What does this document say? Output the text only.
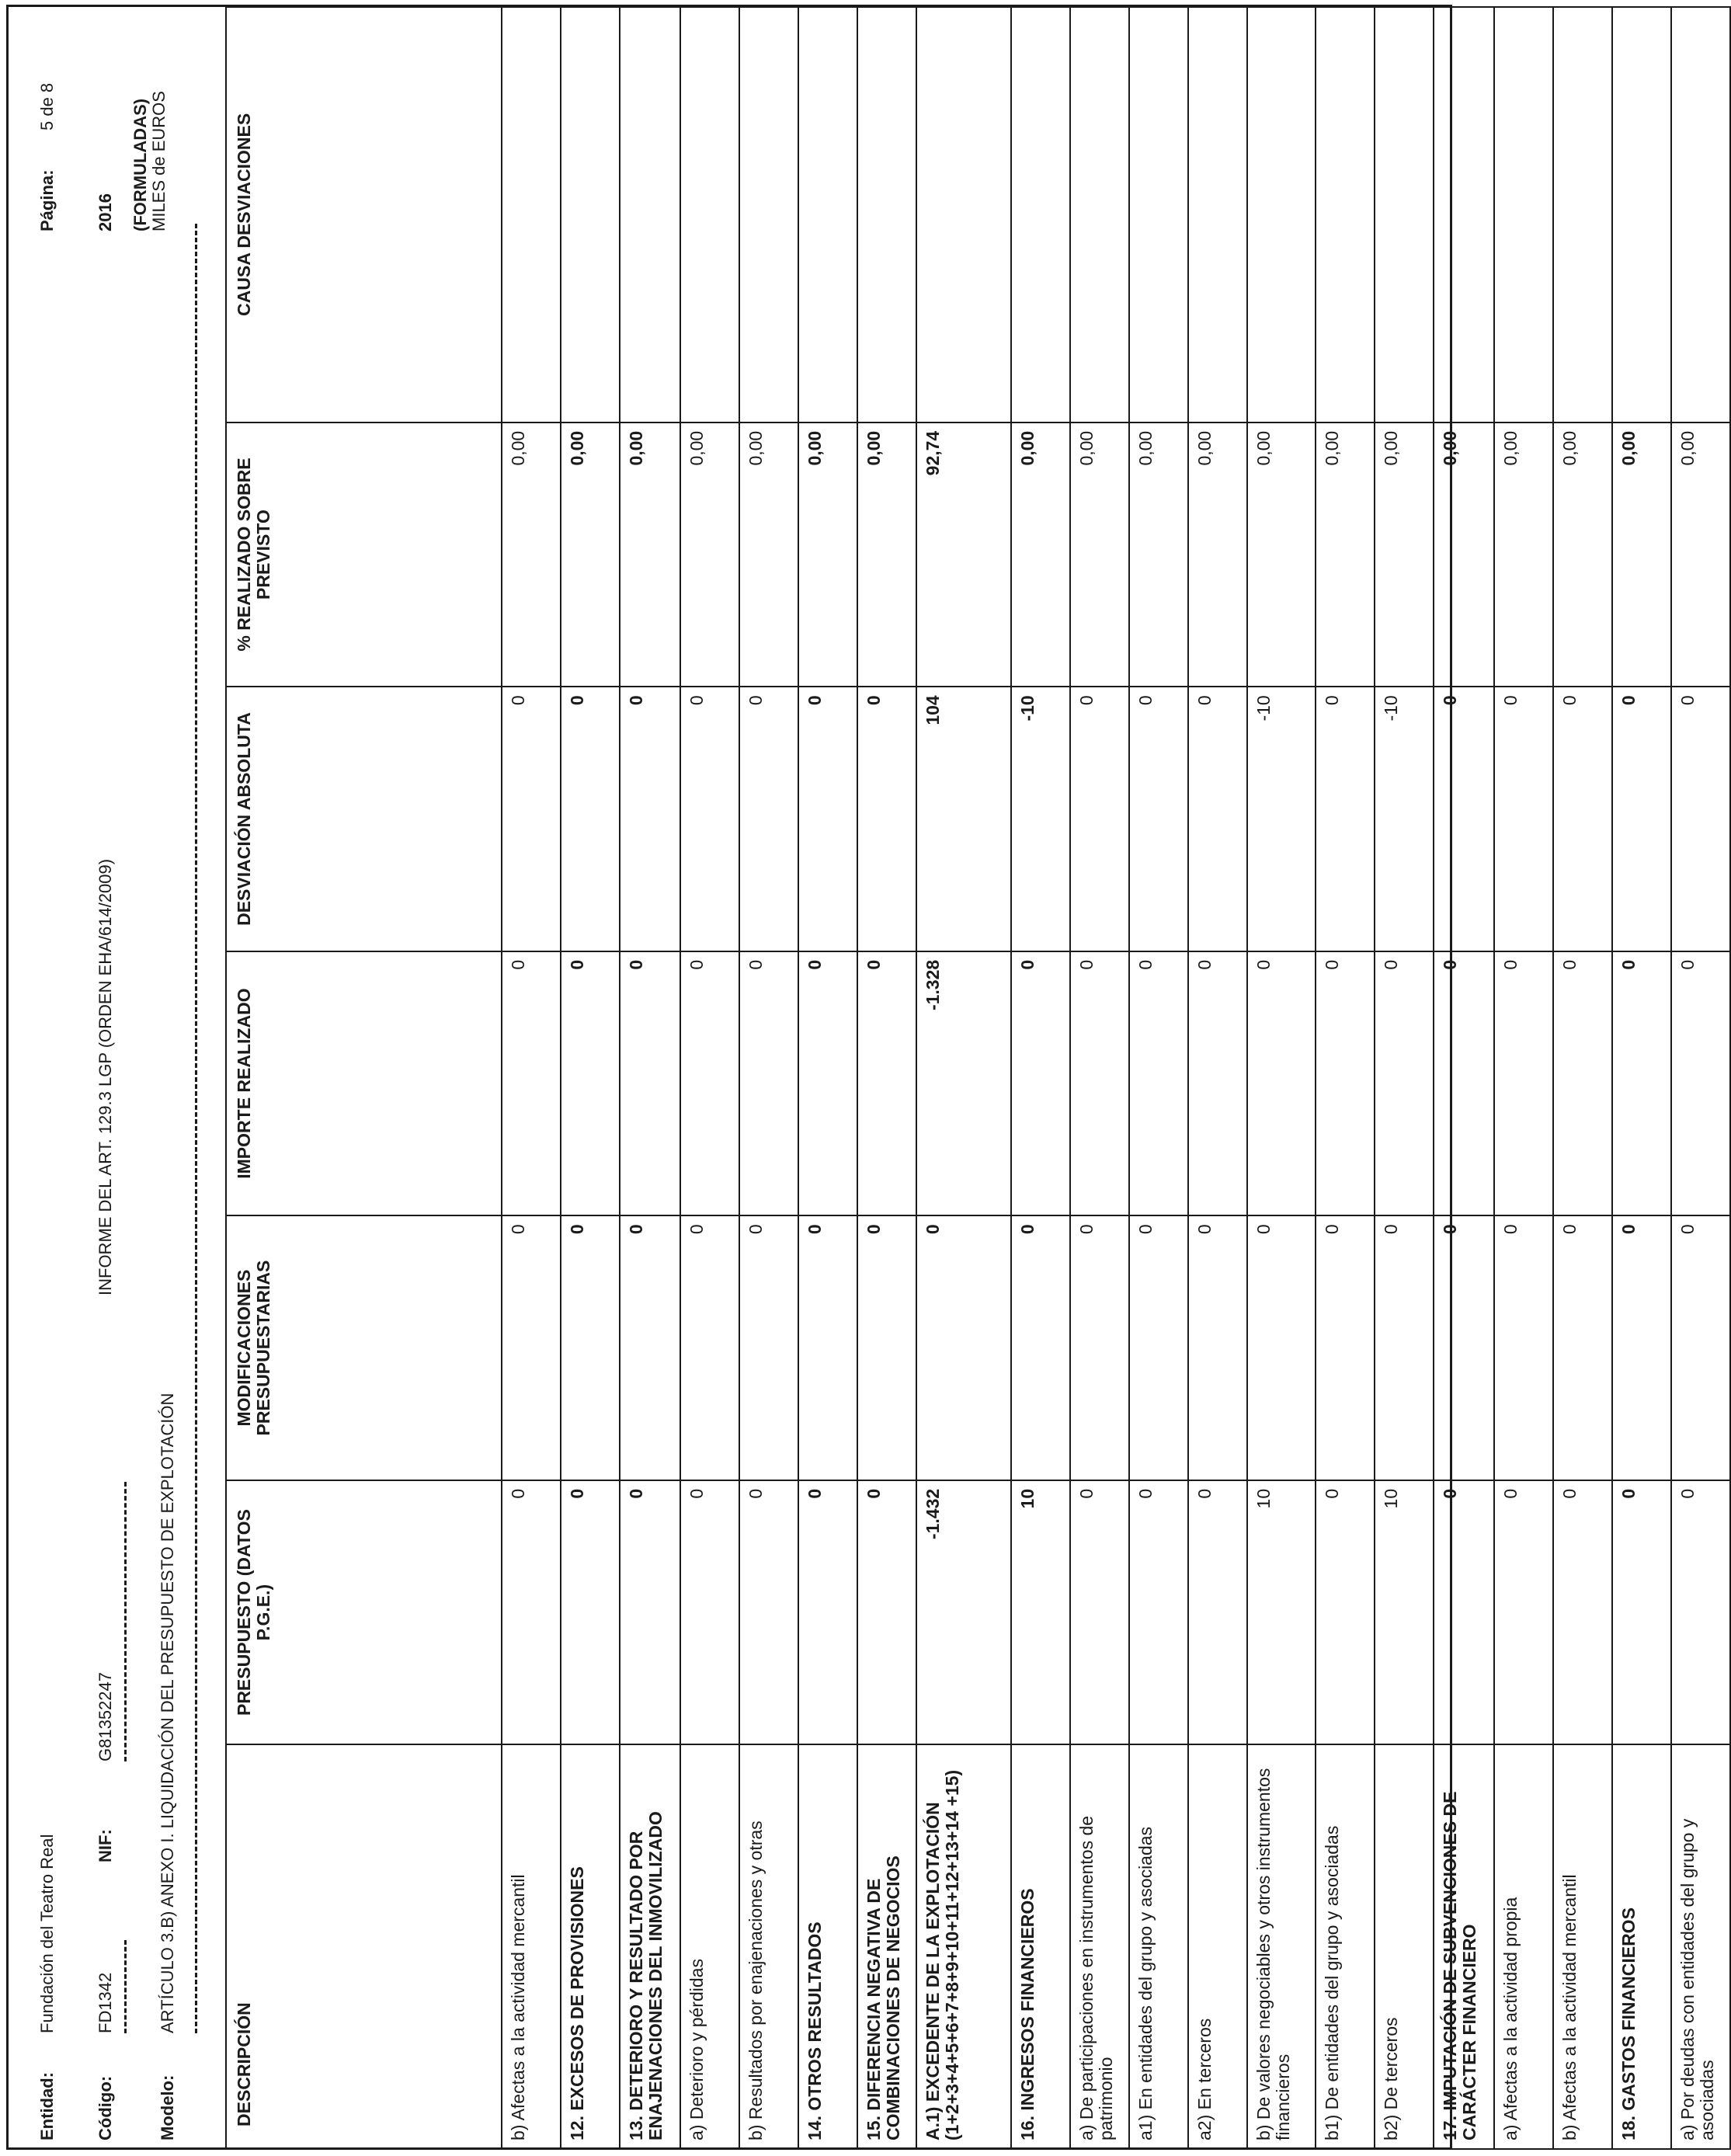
Entidad:
Fundación del Teatro Real
Página:
5 de 8
Código:
FD1342
NIF:
G81352247
INFORME DEL ART. 129.3 LGP (ORDEN EHA/614/2009)
2016
Modelo:
ARTÍCULO 3.B) ANEXO I. LIQUIDACIÓN DEL PRESUPUESTO DE EXPLOTACIÓN
(FORMULADAS) MILES de EUROS
DESCRIPCIÓN	PRESUPUESTO (DATOS P.G.E.)	MODIFICACIONES PRESUPUESTARIAS	IMPORTE REALIZADO	DESVIACIÓN ABSOLUTA	% REALIZADO SOBRE PREVISTO	CAUSA DESVIACIONES
b) Afectas a la actividad mercantil	0	0	0	0	0,00	
12. EXCESOS DE PROVISIONES	0	0	0	0	0,00	
13. DETERIORO Y RESULTADO POR ENAJENACIONES DEL INMOVILIZADO	0	0	0	0	0,00	
a) Deterioro y pérdidas	0	0	0	0	0,00	
b) Resultados por enajenaciones y otras	0	0	0	0	0,00	
14. OTROS RESULTADOS	0	0	0	0	0,00	
15. DIFERENCIA NEGATIVA DE COMBINACIONES DE NEGOCIOS	0	0	0	0	0,00	
A.1) EXCEDENTE DE LA EXPLOTACIÓN (1+2+3+4+5+6+7+8+9+10+11+12+13+14 +15)	-1.432	0	-1.328	104	92,74	
16. INGRESOS FINANCIEROS	10	0	0	-10	0,00	
a) De participaciones en instrumentos de patrimonio	0	0	0	0	0,00	
a1) En entidades del grupo y asociadas	0	0	0	0	0,00	
a2) En terceros	0	0	0	0	0,00	
b) De valores negociables y otros instrumentos financieros	10	0	0	-10	0,00	
b1) De entidades del grupo y asociadas	0	0	0	0	0,00	
b2) De terceros	10	0	0	-10	0,00	
17. IMPUTACIÓN DE SUBVENCIONES DE CARÁCTER FINANCIERO	0	0	0	0	0,00	
a) Afectas a la actividad propia	0	0	0	0	0,00	
b) Afectas a la actividad mercantil	0	0	0	0	0,00	
18. GASTOS FINANCIEROS	0	0	0	0	0,00	
a) Por deudas con entidades del grupo y asociadas	0	0	0	0	0,00	
